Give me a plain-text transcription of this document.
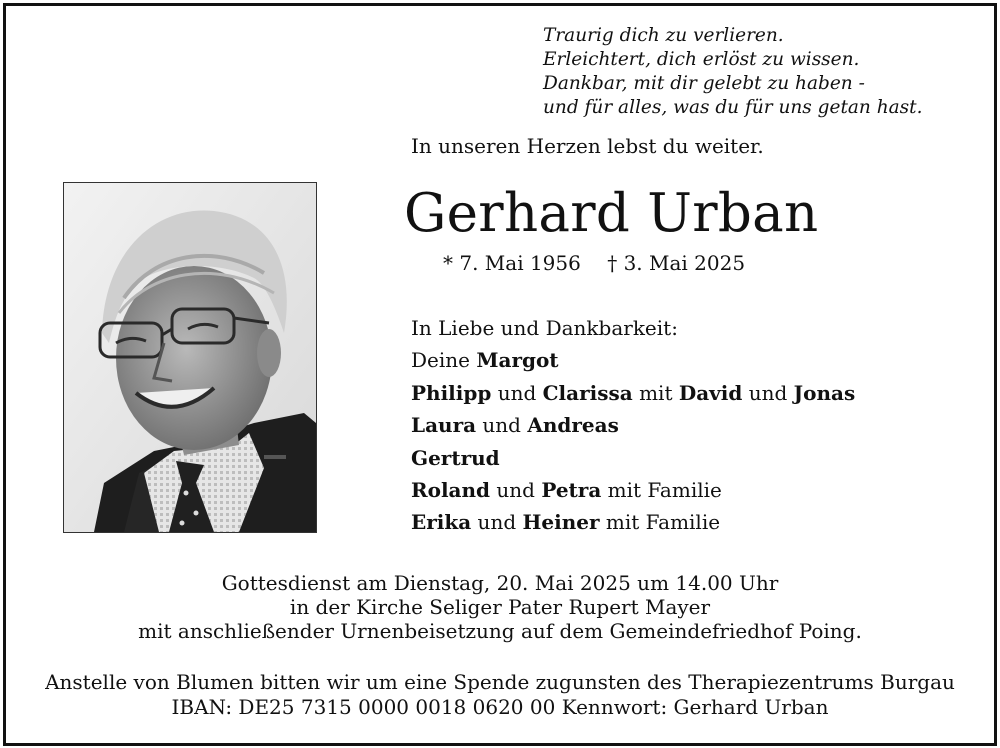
Traurig dich zu verlieren.
Erleichtert, dich erlöst zu wissen.
Dankbar, mit dir gelebt zu haben -
und für alles, was du für uns getan hast.
In unseren Herzen lebst du weiter.
Gerhard Urban
* 7. Mai 1956 † 3. Mai 2025
In Liebe und Dankbarkeit:
Deine Margot
Philipp und Clarissa mit David und Jonas
Laura und Andreas
Gertrud
Roland und Petra mit Familie
Erika und Heiner mit Familie
Gottesdienst am Dienstag, 20. Mai 2025 um 14.00 Uhr
in der Kirche Seliger Pater Rupert Mayer
mit anschließender Urnenbeisetzung auf dem Gemeindefriedhof Poing.
Anstelle von Blumen bitten wir um eine Spende zugunsten des Therapiezentrums Burgau
IBAN: DE25 7315 0000 0018 0620 00 Kennwort: Gerhard Urban
